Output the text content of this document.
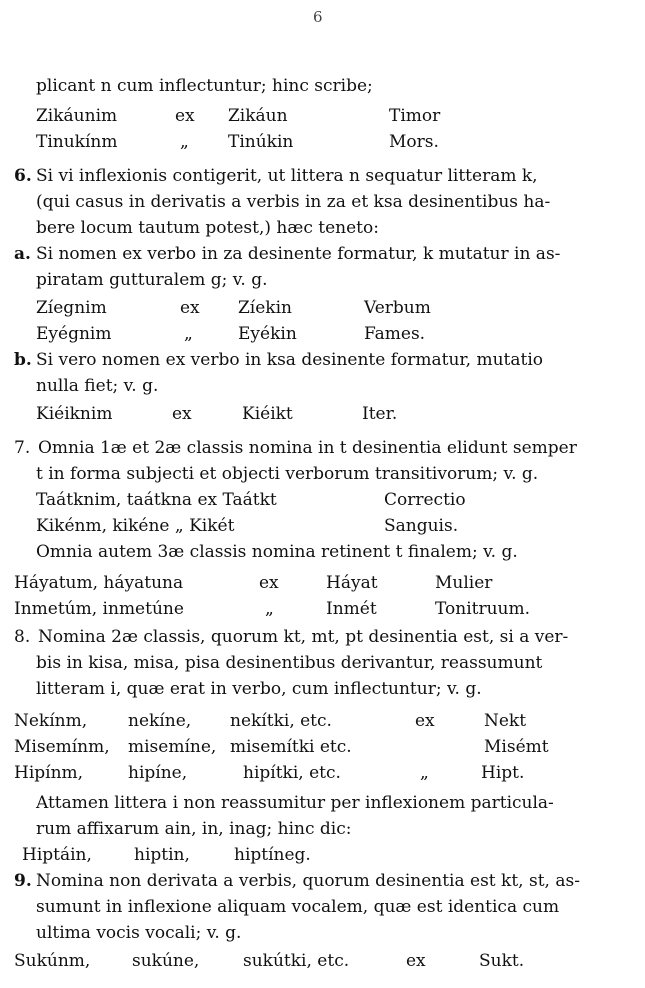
6
plicant n cum inflectuntur; hinc scribe;
Zikáunim	ex Zikáun	Timor
Tinukínm	„ Tinúkin	Mors.
6. Si vi inflexionis contigerit, ut littera n sequatur litteram k,
(qui casus in derivatis a verbis in za et ksa desinentibus ha-
bere locum tautum potest,) hæc teneto:
a. Si nomen ex verbo in za desinente formatur, k mutatur in as-
piratam gutturalem g; v. g.
Zíegnim	ex Zíekin	Verbum
Eyégnim	„	Eyékin	Fames.
b. Si vero nomen ex verbo in ksa desinente formatur, mutatio
nulla fiet; v. g.
Kiéiknim	ex	Kiéikt	Iter.
7. Omnia 1æ et 2æ classis nomina in t desinentia elidunt semper
t in forma subjecti et objecti verborum transitivorum; v. g.
Taátknim, taátkna ex Taátkt	Correctio
Kikénm, kikéne „ Kikét	Sanguis.
Omnia autem 3æ classis nomina retinent t finalem; v. g.
Háyatum, háyatuna	ex	Háyat	Mulier
Inmetúm, inmetúne	„	Inmét	Tonitruum.
8. Nomina 2æ classis, quorum kt, mt, pt desinentia est, si a ver-
bis in kisa, misa, pisa desinentibus derivantur, reassumunt
litteram i, quæ erat in verbo, cum inflectuntur; v. g.
Nekínm, nekíne, nekítki, etc.	ex	Nekt
Misemínm, misemíne, misemítki etc.	Misémt
Hipínm,	hipíne,	hipítki, etc.	„	Hipt.
Attamen littera i non reassumitur per inflexionem particula-
rum affixarum ain, in, inag; hinc dic:
Hiptáin, hiptin,	hiptíneg.
9. Nomina non derivata a verbis, quorum desinentia est kt, st, as-
sumunt in inflexione aliquam vocalem, quæ est identica cum
ultima vocis vocali; v. g.
Sukúnm, sukúne,	sukútki, etc.	ex	Sukt.
